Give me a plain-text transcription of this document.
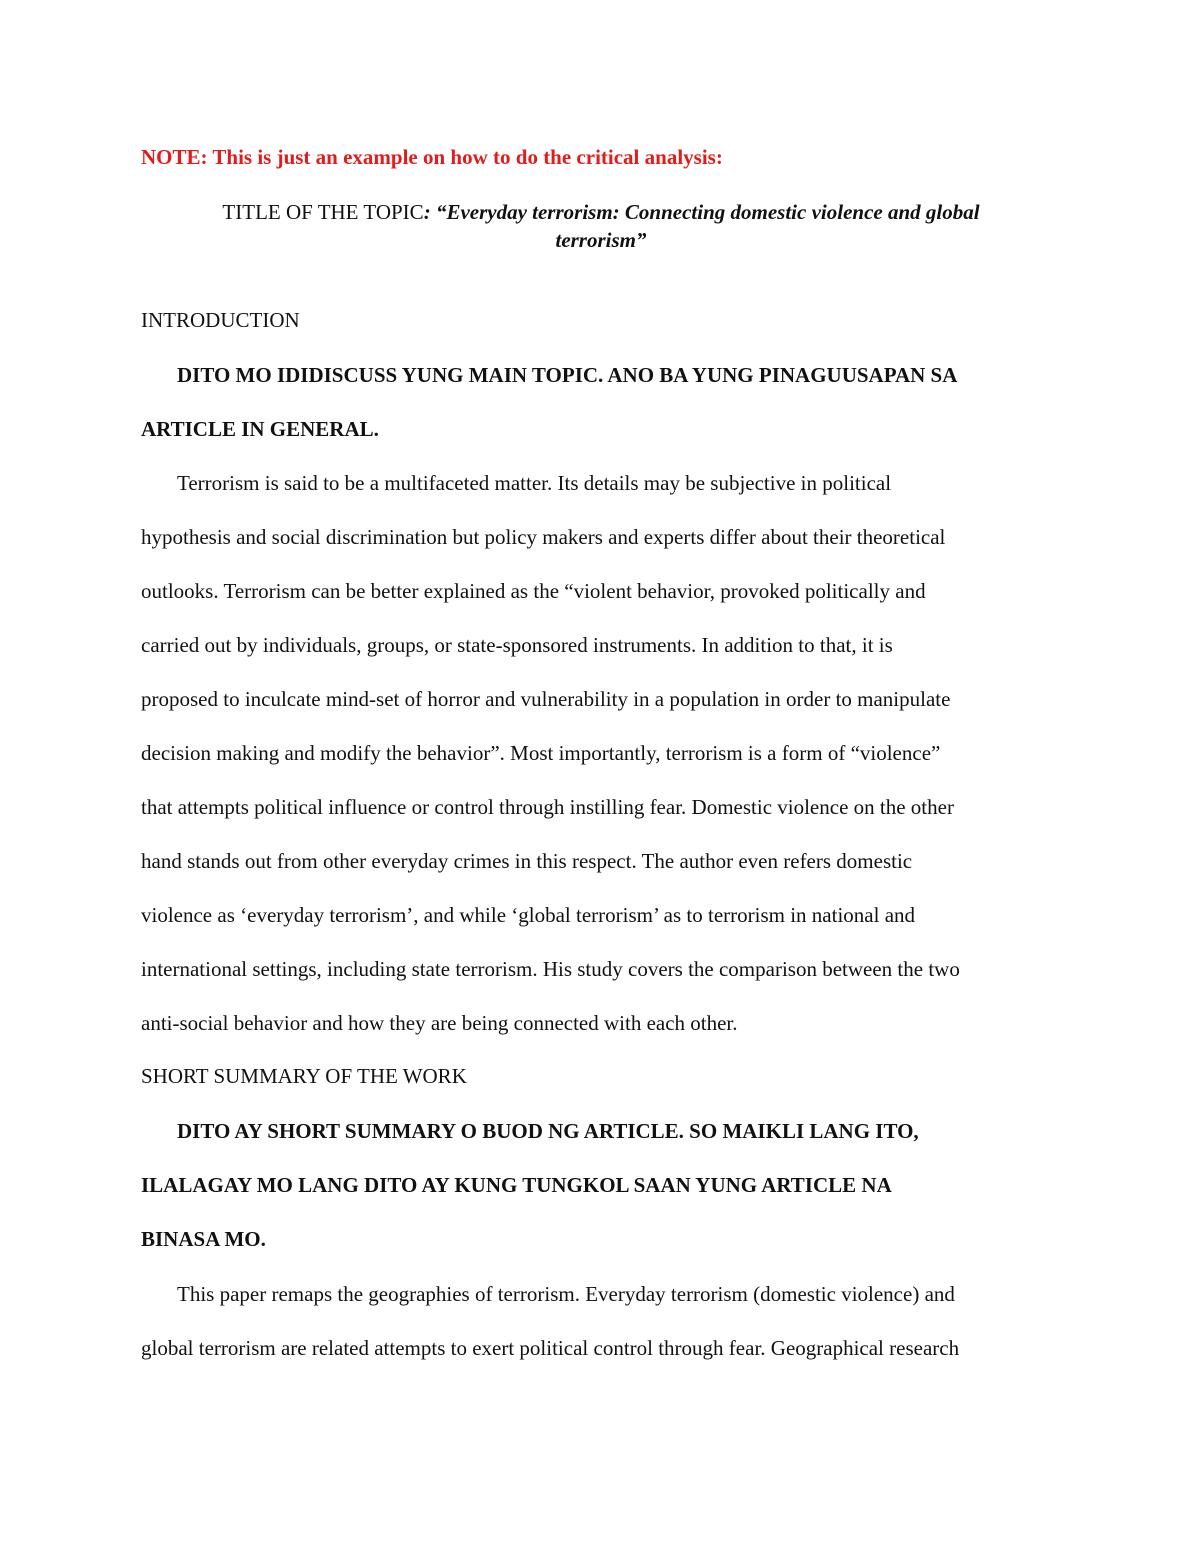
NOTE: This is just an example on how to do the critical analysis:
TITLE OF THE TOPIC: “Everyday terrorism: Connecting domestic violence and global
terrorism”
INTRODUCTION
DITO MO IDIDISCUSS YUNG MAIN TOPIC. ANO BA YUNG PINAGUUSAPAN SA
ARTICLE IN GENERAL.
Terrorism is said to be a multifaceted matter. Its details may be subjective in political
hypothesis and social discrimination but policy makers and experts differ about their theoretical
outlooks. Terrorism can be better explained as the “violent behavior, provoked politically and
carried out by individuals, groups, or state-sponsored instruments. In addition to that, it is
proposed to inculcate mind-set of horror and vulnerability in a population in order to manipulate
decision making and modify the behavior”. Most importantly, terrorism is a form of “violence”
that attempts political influence or control through instilling fear. Domestic violence on the other
hand stands out from other everyday crimes in this respect. The author even refers domestic
violence as ‘everyday terrorism’, and while ‘global terrorism’ as to terrorism in national and
international settings, including state terrorism. His study covers the comparison between the two
anti-social behavior and how they are being connected with each other.
SHORT SUMMARY OF THE WORK
DITO AY SHORT SUMMARY O BUOD NG ARTICLE. SO MAIKLI LANG ITO,
ILALAGAY MO LANG DITO AY KUNG TUNGKOL SAAN YUNG ARTICLE NA
BINASA MO.
This paper remaps the geographies of terrorism. Everyday terrorism (domestic violence) and
global terrorism are related attempts to exert political control through fear. Geographical research
